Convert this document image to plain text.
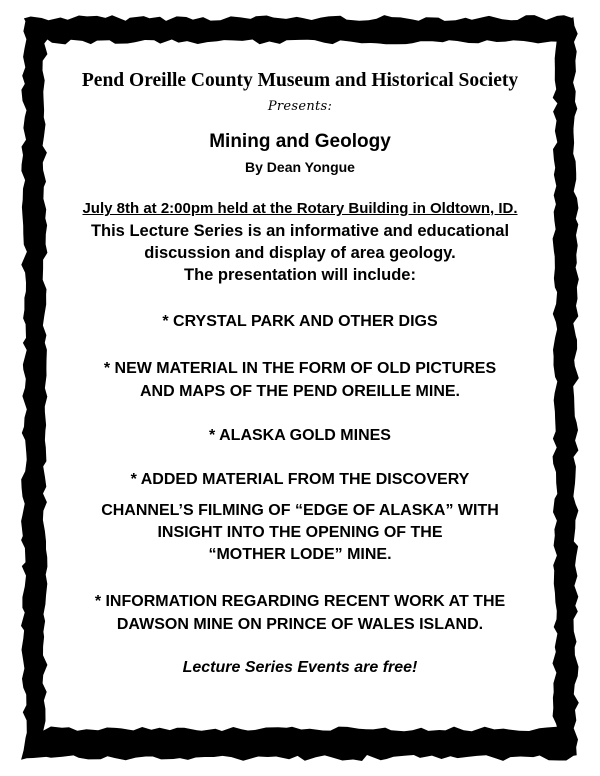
Pend Oreille County Museum and Historical Society
Presents:
Mining and Geology
By Dean Yongue
July 8th at 2:00pm held at the Rotary Building in Oldtown, ID.
This Lecture Series is an informative and educational
discussion and display of area geology.
The presentation will include:
* CRYSTAL PARK AND OTHER DIGS
* NEW MATERIAL IN THE FORM OF OLD PICTURES
AND MAPS OF THE PEND OREILLE MINE.
* ALASKA GOLD MINES
* ADDED MATERIAL FROM THE DISCOVERY
CHANNEL’S FILMING OF “EDGE OF ALASKA” WITH
INSIGHT INTO THE OPENING OF THE
“MOTHER LODE” MINE.
* INFORMATION REGARDING RECENT WORK AT THE
DAWSON MINE ON PRINCE OF WALES ISLAND.
Lecture Series Events are free!
